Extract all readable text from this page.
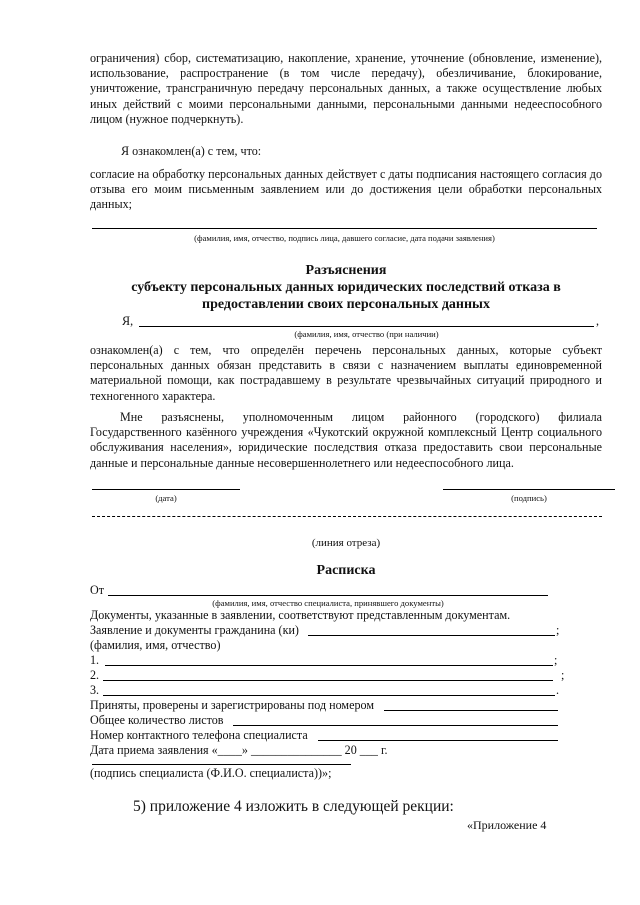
ограничения) сбор, систематизацию, накопление, хранение, уточнение (обновление, изменение), использование, распространение (в том числе передачу), обезличивание, блокирование, уничтожение, трансграничную передачу персональных данных, а также осуществление любых иных действий с моими персональными данными, персональными данными недееспособного лицом (нужное подчеркнуть).
Я ознакомлен(а) с тем, что:
согласие на обработку персональных данных действует с даты подписания настоящего согласия до отзыва его моим письменным заявлением или до достижения цели обработки персональных данных;
(фамилия, имя, отчество, подпись лица, давшего согласие, дата подачи заявления)
Разъяснения
субъекту персональных данных юридических последствий отказа в
предоставлении своих персональных данных
Я,	,
(фамилия, имя, отчество (при наличии)
ознакомлен(а) с тем, что определён перечень персональных данных, которые субъект персональных данных обязан представить в связи с назначением выплаты единовременной материальной помощи, как пострадавшему в результате чрезвычайных ситуаций природного и техногенного характера.
Мне разъяснены, уполномоченным лицом районного (городского) филиала Государственного казённого учреждения «Чукотский окружной комплексный Центр социального обслуживания населения», юридические последствия отказа предоставить свои персональные данные и персональные данные несовершеннолетнего или недееспособного лица.
(дата)	(подпись)
(линия отреза)
Расписка
От
(фамилия, имя, отчество специалиста, принявшего документы)
Документы, указанные в заявлении, соответствуют представленным документам.
Заявление и документы гражданина (ки)	;
(фамилия, имя, отчество)
1.	;
2.	;
3.	.
Приняты, проверены и зарегистрированы под номером
Общее количество листов
Номер контактного телефона специалиста
Дата приема заявления «____» _______________ 20 ___ г.
(подпись специалиста (Ф.И.О. специалиста))»;
5) приложение 4 изложить в следующей рекции:
«Приложение 4
